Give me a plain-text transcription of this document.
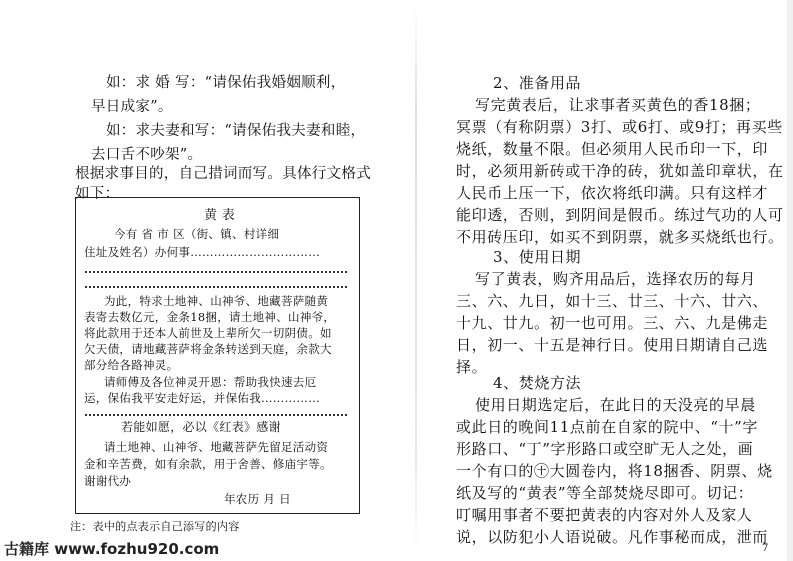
如：求 婚 写：“请保佑我婚姻顺利，
早日成家”。
如：求夫妻和写：“请保佑我夫妻和睦，
去口舌不吵架”。
根据求事目的，自己措词而写。具体行文格式
如下：
黄 表
今有 省 市 区（街、镇、村详细
住址及姓名）办何事……………………………
为此，特求土地神、山神爷、地藏菩萨随黄
表寄去数亿元，金条18捆，请土地神、山神爷，
将此款用于还本人前世及上辈所欠一切阴债。如
欠天债，请地藏菩萨将金条转送到天庭，余款大
部分给各路神灵。
请师傅及各位神灵开恩：帮助我快速去厄
运，保佑我平安走好运，并保佑我……………
若能如愿，必以《红表》感谢
请土地神、山神爷、地藏菩萨先留足活动资
金和辛苦费，如有余款，用于舍善、修庙宇等。
谢谢代办
年农历 月 日
注：表中的点表示自己添写的内容
古籍库 www.fozhu920.com
2、准备用品
写完黄表后，让求事者买黄色的香18捆；
冥票（有称阴票）3打、或6打、或9打；再买些
烧纸，数量不限。但必须用人民币印一下，印
时，必须用新砖或干净的砖，犹如盖印章状，在
人民币上压一下，依次将纸印满。只有这样才
能印透，否则，到阴间是假币。练过气功的人可
不用砖压印，如买不到阴票，就多买烧纸也行。
3、使用日期
写了黄表，购齐用品后，选择农历的每月
三、六、九日，如十三、廿三、十六、廿六、
十九、廿九。初一也可用。三、六、九是佛走
日，初一、十五是神行日。使用日期请自己选
择。
4、焚烧方法
使用日期选定后，在此日的天没亮的早晨
或此日的晚间11点前在自家的院中、“十”字
形路口、“丁”字形路口或空旷无人之处，画
一个有口的㊉大圆卷内，将18捆香、阴票、烧
纸及写的“黄表”等全部焚烧尽即可。切记：
叮嘱用事者不要把黄表的内容对外人及家人
说，以防犯小人语说破。凡作事秘而成，泄而
7
